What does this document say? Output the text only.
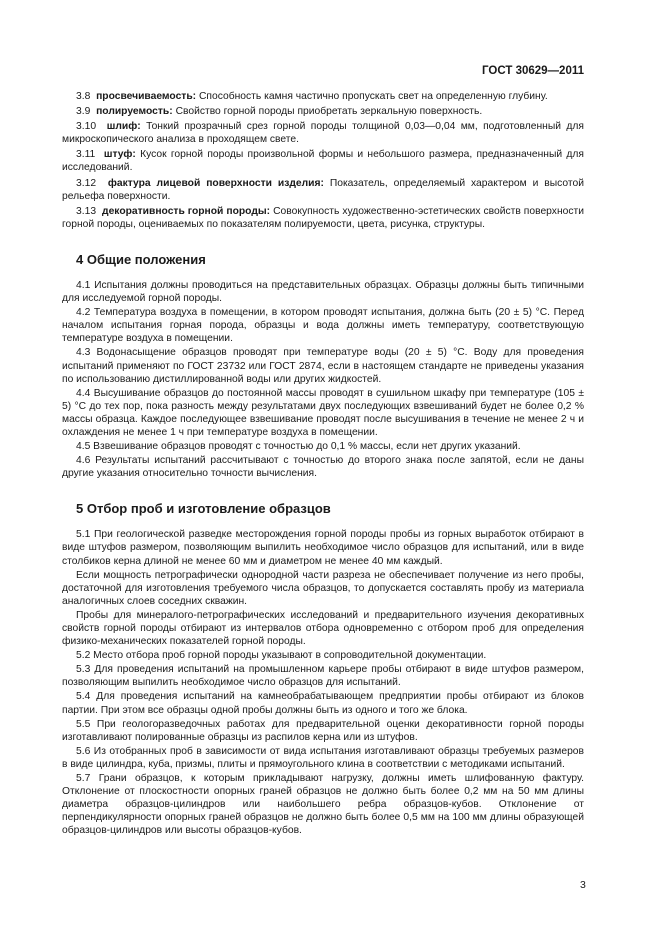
ГОСТ 30629—2011

3.8 просвечиваемость: Способность камня частично пропускать свет на определенную глубину.

3.9 полируемость: Свойство горной породы приобретать зеркальную поверхность.

3.10 шлиф: Тонкий прозрачный срез горной породы толщиной 0,03—0,04 мм, подготовленный для микроскопического анализа в проходящем свете.

3.11 штуф: Кусок горной породы произвольной формы и небольшого размера, предназначенный для исследований.

3.12 фактура лицевой поверхности изделия: Показатель, определяемый характером и высотой рельефа поверхности.

3.13 декоративность горной породы: Совокупность художественно-эстетических свойств поверхности горной породы, оцениваемых по показателям полируемости, цвета, рисунка, структуры.

4 Общие положения

4.1 Испытания должны проводиться на представительных образцах. Образцы должны быть типичными для исследуемой горной породы.

4.2 Температура воздуха в помещении, в котором проводят испытания, должна быть (20 ± 5) °С. Перед началом испытания горная порода, образцы и вода должны иметь температуру, соответствующую температуре воздуха в помещении.

4.3 Водонасыщение образцов проводят при температуре воды (20 ± 5) °С. Воду для проведения испытаний применяют по ГОСТ 23732 или ГОСТ 2874, если в настоящем стандарте не приведены указания по использованию дистиллированной воды или других жидкостей.

4.4 Высушивание образцов до постоянной массы проводят в сушильном шкафу при температуре (105 ± 5) °С до тех пор, пока разность между результатами двух последующих взвешиваний будет не более 0,2 % массы образца. Каждое последующее взвешивание проводят после высушивания в течение не менее 2 ч и охлаждения не менее 1 ч при температуре воздуха в помещении.

4.5 Взвешивание образцов проводят с точностью до 0,1 % массы, если нет других указаний.

4.6 Результаты испытаний рассчитывают с точностью до второго знака после запятой, если не даны другие указания относительно точности вычисления.

5 Отбор проб и изготовление образцов

5.1 При геологической разведке месторождения горной породы пробы из горных выработок отбирают в виде штуфов размером, позволяющим выпилить необходимое число образцов для испытаний, или в виде столбиков керна длиной не менее 60 мм и диаметром не менее 40 мм каждый.

Если мощность петрографически однородной части разреза не обеспечивает получение из него пробы, достаточной для изготовления требуемого числа образцов, то допускается составлять пробу из материала аналогичных слоев соседних скважин.

Пробы для минералого-петрографических исследований и предварительного изучения декоративных свойств горной породы отбирают из интервалов отбора одновременно с отбором проб для определения физико-механических показателей горной породы.

5.2 Место отбора проб горной породы указывают в сопроводительной документации.

5.3 Для проведения испытаний на промышленном карьере пробы отбирают в виде штуфов размером, позволяющим выпилить необходимое число образцов для испытаний.

5.4 Для проведения испытаний на камнеобрабатывающем предприятии пробы отбирают из блоков партии. При этом все образцы одной пробы должны быть из одного и того же блока.

5.5 При геологоразведочных работах для предварительной оценки декоративности горной породы изготавливают полированные образцы из распилов керна или из штуфов.

5.6 Из отобранных проб в зависимости от вида испытания изготавливают образцы требуемых размеров в виде цилиндра, куба, призмы, плиты и прямоугольного клина в соответствии с методиками испытаний.

5.7 Грани образцов, к которым прикладывают нагрузку, должны иметь шлифованную фактуру. Отклонение от плоскостности опорных граней образцов не должно быть более 0,2 мм на 50 мм длины диаметра образцов-цилиндров или наибольшего ребра образцов-кубов. Отклонение от перпендикулярности опорных граней образцов не должно быть более 0,5 мм на 100 мм длины образующей образцов-цилиндров или высоты образцов-кубов.

3
